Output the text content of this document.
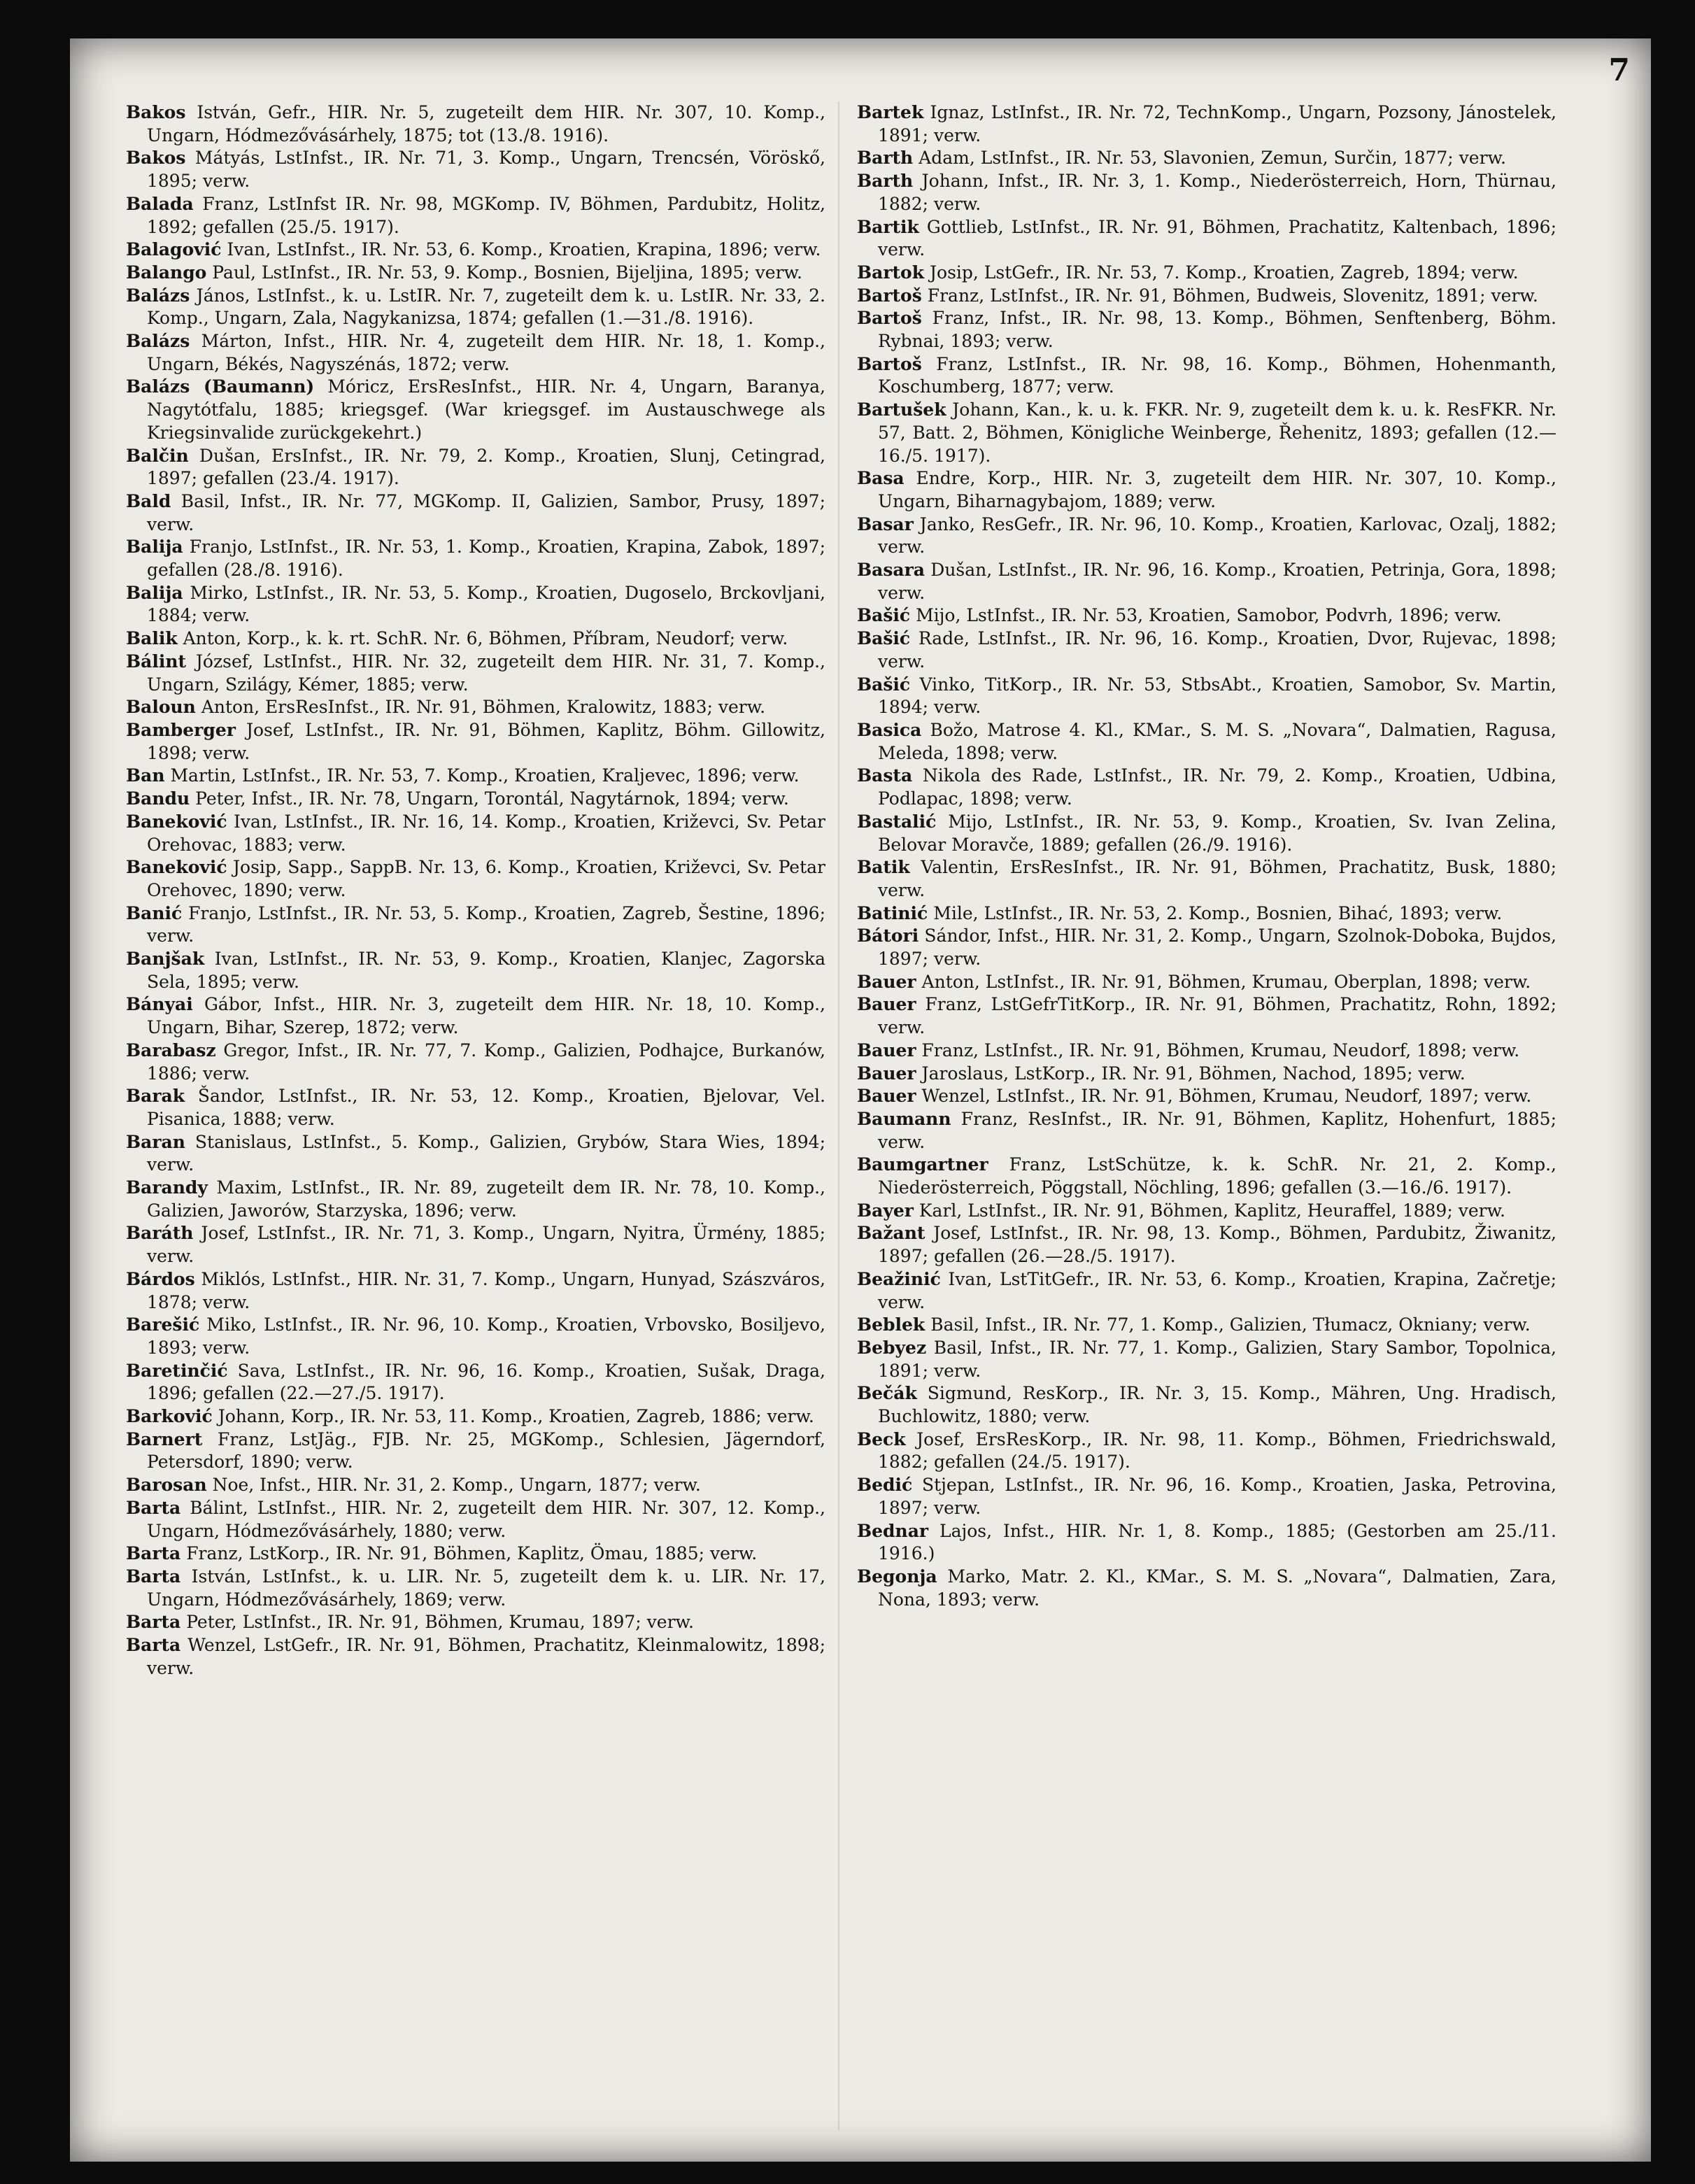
7

Bakos István, Gefr., HIR. Nr. 5, zugeteilt dem HIR. Nr. 307, 10. Komp., Ungarn, Hódmezővásárhely, 1875; tot (13./8. 1916).

Bakos Mátyás, LstInfst., IR. Nr. 71, 3. Komp., Ungarn, Trencsén, Vöröskő, 1895; verw.

Balada Franz, LstInfst IR. Nr. 98, MGKomp. IV, Böhmen, Pardubitz, Holitz, 1892; gefallen (25./5. 1917).

Balagović Ivan, LstInfst., IR. Nr. 53, 6. Komp., Kroatien, Krapina, 1896; verw.

Balango Paul, LstInfst., IR. Nr. 53, 9. Komp., Bosnien, Bijeljina, 1895; verw.

Balázs János, LstInfst., k. u. LstIR. Nr. 7, zugeteilt dem k. u. LstIR. Nr. 33, 2. Komp., Ungarn, Zala, Nagykanizsa, 1874; gefallen (1.—31./8. 1916).

Balázs Márton, Infst., HIR. Nr. 4, zugeteilt dem HIR. Nr. 18, 1. Komp., Ungarn, Békés, Nagyszénás, 1872; verw.

Balázs (Baumann) Móricz, ErsResInfst., HIR. Nr. 4, Ungarn, Baranya, Nagytótfalu, 1885; kriegsgef. (War kriegsgef. im Austauschwege als Kriegsinvalide zurückgekehrt.)

Balčin Dušan, ErsInfst., IR. Nr. 79, 2. Komp., Kroatien, Slunj, Cetingrad, 1897; gefallen (23./4. 1917).

Bald Basil, Infst., IR. Nr. 77, MGKomp. II, Galizien, Sambor, Prusy, 1897; verw.

Balija Franjo, LstInfst., IR. Nr. 53, 1. Komp., Kroatien, Krapina, Zabok, 1897; gefallen (28./8. 1916).

Balija Mirko, LstInfst., IR. Nr. 53, 5. Komp., Kroatien, Dugoselo, Brckovljani, 1884; verw.

Balik Anton, Korp., k. k. rt. SchR. Nr. 6, Böhmen, Příbram, Neudorf; verw.

Bálint József, LstInfst., HIR. Nr. 32, zugeteilt dem HIR. Nr. 31, 7. Komp., Ungarn, Szilágy, Kémer, 1885; verw.

Baloun Anton, ErsResInfst., IR. Nr. 91, Böhmen, Kralowitz, 1883; verw.

Bamberger Josef, LstInfst., IR. Nr. 91, Böhmen, Kaplitz, Böhm. Gillowitz, 1898; verw.

Ban Martin, LstInfst., IR. Nr. 53, 7. Komp., Kroatien, Kraljevec, 1896; verw.

Bandu Peter, Infst., IR. Nr. 78, Ungarn, Torontál, Nagytárnok, 1894; verw.

Baneković Ivan, LstInfst., IR. Nr. 16, 14. Komp., Kroatien, Križevci, Sv. Petar Orehovac, 1883; verw.

Baneković Josip, Sapp., SappB. Nr. 13, 6. Komp., Kroatien, Križevci, Sv. Petar Orehovec, 1890; verw.

Banić Franjo, LstInfst., IR. Nr. 53, 5. Komp., Kroatien, Zagreb, Šestine, 1896; verw.

Banjšak Ivan, LstInfst., IR. Nr. 53, 9. Komp., Kroatien, Klanjec, Zagorska Sela, 1895; verw.

Bányai Gábor, Infst., HIR. Nr. 3, zugeteilt dem HIR. Nr. 18, 10. Komp., Ungarn, Bihar, Szerep, 1872; verw.

Barabasz Gregor, Infst., IR. Nr. 77, 7. Komp., Galizien, Podhajce, Burkanów, 1886; verw.

Barak Šandor, LstInfst., IR. Nr. 53, 12. Komp., Kroatien, Bjelovar, Vel. Pisanica, 1888; verw.

Baran Stanislaus, LstInfst., 5. Komp., Galizien, Grybów, Stara Wies, 1894; verw.

Barandy Maxim, LstInfst., IR. Nr. 89, zugeteilt dem IR. Nr. 78, 10. Komp., Galizien, Jaworów, Starzyska, 1896; verw.

Baráth Josef, LstInfst., IR. Nr. 71, 3. Komp., Ungarn, Nyitra, Ürmény, 1885; verw.

Bárdos Miklós, LstInfst., HIR. Nr. 31, 7. Komp., Ungarn, Hunyad, Szászváros, 1878; verw.

Barešić Miko, LstInfst., IR. Nr. 96, 10. Komp., Kroatien, Vrbovsko, Bosiljevo, 1893; verw.

Baretinčić Sava, LstInfst., IR. Nr. 96, 16. Komp., Kroatien, Sušak, Draga, 1896; gefallen (22.—27./5. 1917).

Barković Johann, Korp., IR. Nr. 53, 11. Komp., Kroatien, Zagreb, 1886; verw.

Barnert Franz, LstJäg., FJB. Nr. 25, MGKomp., Schlesien, Jägerndorf, Petersdorf, 1890; verw.

Barosan Noe, Infst., HIR. Nr. 31, 2. Komp., Ungarn, 1877; verw.

Barta Bálint, LstInfst., HIR. Nr. 2, zugeteilt dem HIR. Nr. 307, 12. Komp., Ungarn, Hódmezővásárhely, 1880; verw.

Barta Franz, LstKorp., IR. Nr. 91, Böhmen, Kaplitz, Ömau, 1885; verw.

Barta István, LstInfst., k. u. LIR. Nr. 5, zugeteilt dem k. u. LIR. Nr. 17, Ungarn, Hódmezővásárhely, 1869; verw.

Barta Peter, LstInfst., IR. Nr. 91, Böhmen, Krumau, 1897; verw.

Barta Wenzel, LstGefr., IR. Nr. 91, Böhmen, Prachatitz, Kleinmalowitz, 1898; verw.

Bartek Ignaz, LstInfst., IR. Nr. 72, TechnKomp., Ungarn, Pozsony, Jánostelek, 1891; verw.

Barth Adam, LstInfst., IR. Nr. 53, Slavonien, Zemun, Surčin, 1877; verw.

Barth Johann, Infst., IR. Nr. 3, 1. Komp., Niederösterreich, Horn, Thürnau, 1882; verw.

Bartik Gottlieb, LstInfst., IR. Nr. 91, Böhmen, Prachatitz, Kaltenbach, 1896; verw.

Bartok Josip, LstGefr., IR. Nr. 53, 7. Komp., Kroatien, Zagreb, 1894; verw.

Bartoš Franz, LstInfst., IR. Nr. 91, Böhmen, Budweis, Slovenitz, 1891; verw.

Bartoš Franz, Infst., IR. Nr. 98, 13. Komp., Böhmen, Senftenberg, Böhm. Rybnai, 1893; verw.

Bartoš Franz, LstInfst., IR. Nr. 98, 16. Komp., Böhmen, Hohenmanth, Koschumberg, 1877; verw.

Bartušek Johann, Kan., k. u. k. FKR. Nr. 9, zugeteilt dem k. u. k. ResFKR. Nr. 57, Batt. 2, Böhmen, Königliche Weinberge, Řehenitz, 1893; gefallen (12.—16./5. 1917).

Basa Endre, Korp., HIR. Nr. 3, zugeteilt dem HIR. Nr. 307, 10. Komp., Ungarn, Biharnagybajom, 1889; verw.

Basar Janko, ResGefr., IR. Nr. 96, 10. Komp., Kroatien, Karlovac, Ozalj, 1882; verw.

Basara Dušan, LstInfst., IR. Nr. 96, 16. Komp., Kroatien, Petrinja, Gora, 1898; verw.

Bašić Mijo, LstInfst., IR. Nr. 53, Kroatien, Samobor, Podvrh, 1896; verw.

Bašić Rade, LstInfst., IR. Nr. 96, 16. Komp., Kroatien, Dvor, Rujevac, 1898; verw.

Bašić Vinko, TitKorp., IR. Nr. 53, StbsAbt., Kroatien, Samobor, Sv. Martin, 1894; verw.

Basica Božo, Matrose 4. Kl., KMar., S. M. S. „Novara“, Dalmatien, Ragusa, Meleda, 1898; verw.

Basta Nikola des Rade, LstInfst., IR. Nr. 79, 2. Komp., Kroatien, Udbina, Podlapac, 1898; verw.

Bastalić Mijo, LstInfst., IR. Nr. 53, 9. Komp., Kroatien, Sv. Ivan Zelina, Belovar Moravče, 1889; gefallen (26./9. 1916).

Batik Valentin, ErsResInfst., IR. Nr. 91, Böhmen, Prachatitz, Busk, 1880; verw.

Batinić Mile, LstInfst., IR. Nr. 53, 2. Komp., Bosnien, Bihać, 1893; verw.

Bátori Sándor, Infst., HIR. Nr. 31, 2. Komp., Ungarn, Szolnok-Doboka, Bujdos, 1897; verw.

Bauer Anton, LstInfst., IR. Nr. 91, Böhmen, Krumau, Oberplan, 1898; verw.

Bauer Franz, LstGefrTitKorp., IR. Nr. 91, Böhmen, Prachatitz, Rohn, 1892; verw.

Bauer Franz, LstInfst., IR. Nr. 91, Böhmen, Krumau, Neudorf, 1898; verw.

Bauer Jaroslaus, LstKorp., IR. Nr. 91, Böhmen, Nachod, 1895; verw.

Bauer Wenzel, LstInfst., IR. Nr. 91, Böhmen, Krumau, Neudorf, 1897; verw.

Baumann Franz, ResInfst., IR. Nr. 91, Böhmen, Kaplitz, Hohenfurt, 1885; verw.

Baumgartner Franz, LstSchütze, k. k. SchR. Nr. 21, 2. Komp., Niederösterreich, Pöggstall, Nöchling, 1896; gefallen (3.—16./6. 1917).

Bayer Karl, LstInfst., IR. Nr. 91, Böhmen, Kaplitz, Heuraffel, 1889; verw.

Bažant Josef, LstInfst., IR. Nr. 98, 13. Komp., Böhmen, Pardubitz, Žiwanitz, 1897; gefallen (26.—28./5. 1917).

Beažinić Ivan, LstTitGefr., IR. Nr. 53, 6. Komp., Kroatien, Krapina, Začretje; verw.

Beblek Basil, Infst., IR. Nr. 77, 1. Komp., Galizien, Tłumacz, Okniany; verw.

Bebyez Basil, Infst., IR. Nr. 77, 1. Komp., Galizien, Stary Sambor, Topolnica, 1891; verw.

Bečák Sigmund, ResKorp., IR. Nr. 3, 15. Komp., Mähren, Ung. Hradisch, Buchlowitz, 1880; verw.

Beck Josef, ErsResKorp., IR. Nr. 98, 11. Komp., Böhmen, Friedrichswald, 1882; gefallen (24./5. 1917).

Bedić Stjepan, LstInfst., IR. Nr. 96, 16. Komp., Kroatien, Jaska, Petrovina, 1897; verw.

Bednar Lajos, Infst., HIR. Nr. 1, 8. Komp., 1885; (Gestorben am 25./11. 1916.)

Begonja Marko, Matr. 2. Kl., KMar., S. M. S. „Novara“, Dalmatien, Zara, Nona, 1893; verw.
